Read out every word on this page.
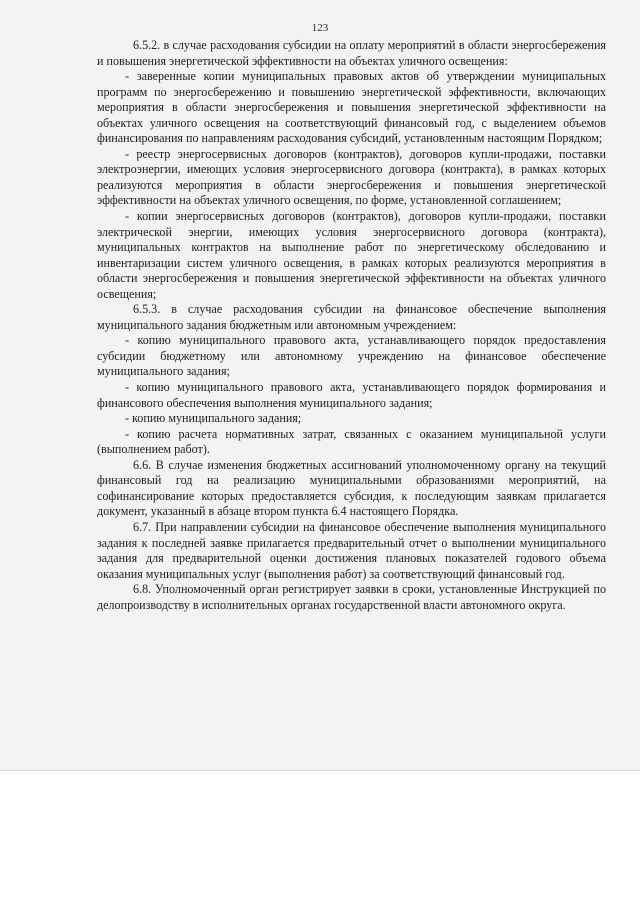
123

6.5.2. в случае расходования субсидии на оплату мероприятий в области энергосбережения и повышения энергетической эффективности на объектах уличного освещения:

- заверенные копии муниципальных правовых актов об утверждении муниципальных программ по энергосбережению и повышению энергетической эффективности, включающих мероприятия в области энергосбережения и повышения энергетической эффективности на объектах уличного освещения на соответствующий финансовый год, с выделением объемов финансирования по направлениям расходования субсидий, установленным настоящим Порядком;

- реестр энергосервисных договоров (контрактов), договоров купли-продажи, поставки электроэнергии, имеющих условия энергосервисного договора (контракта), в рамках которых реализуются мероприятия в области энергосбережения и повышения энергетической эффективности на объектах уличного освещения, по форме, установленной соглашением;

- копии энергосервисных договоров (контрактов), договоров купли-продажи, поставки электрической энергии, имеющих условия энергосервисного договора (контракта), муниципальных контрактов на выполнение работ по энергетическому обследованию и инвентаризации систем уличного освещения, в рамках которых реализуются мероприятия в области энергосбережения и повышения энергетической эффективности на объектах уличного освещения;

6.5.3. в случае расходования субсидии на финансовое обеспечение выполнения муниципального задания бюджетным или автономным учреждением:

- копию муниципального правового акта, устанавливающего порядок предоставления субсидии бюджетному или автономному учреждению на финансовое обеспечение муниципального задания;

- копию муниципального правового акта, устанавливающего порядок формирования и финансового обеспечения выполнения муниципального задания;

- копию муниципального задания;

- копию расчета нормативных затрат, связанных с оказанием муниципальной услуги (выполнением работ).

6.6. В случае изменения бюджетных ассигнований уполномоченному органу на текущий финансовый год на реализацию муниципальными образованиями мероприятий, на софинансирование которых предоставляется субсидия, к последующим заявкам прилагается документ, указанный в абзаце втором пункта 6.4 настоящего Порядка.

6.7. При направлении субсидии на финансовое обеспечение выполнения муниципального задания к последней заявке прилагается предварительный отчет о выполнении муниципального задания для предварительной оценки достижения плановых показателей годового объема оказания муниципальных услуг (выполнения работ) за соответствующий финансовый год.

6.8. Уполномоченный орган регистрирует заявки в сроки, установленные Инструкцией по делопроизводству в исполнительных органах государственной власти автономного округа.
